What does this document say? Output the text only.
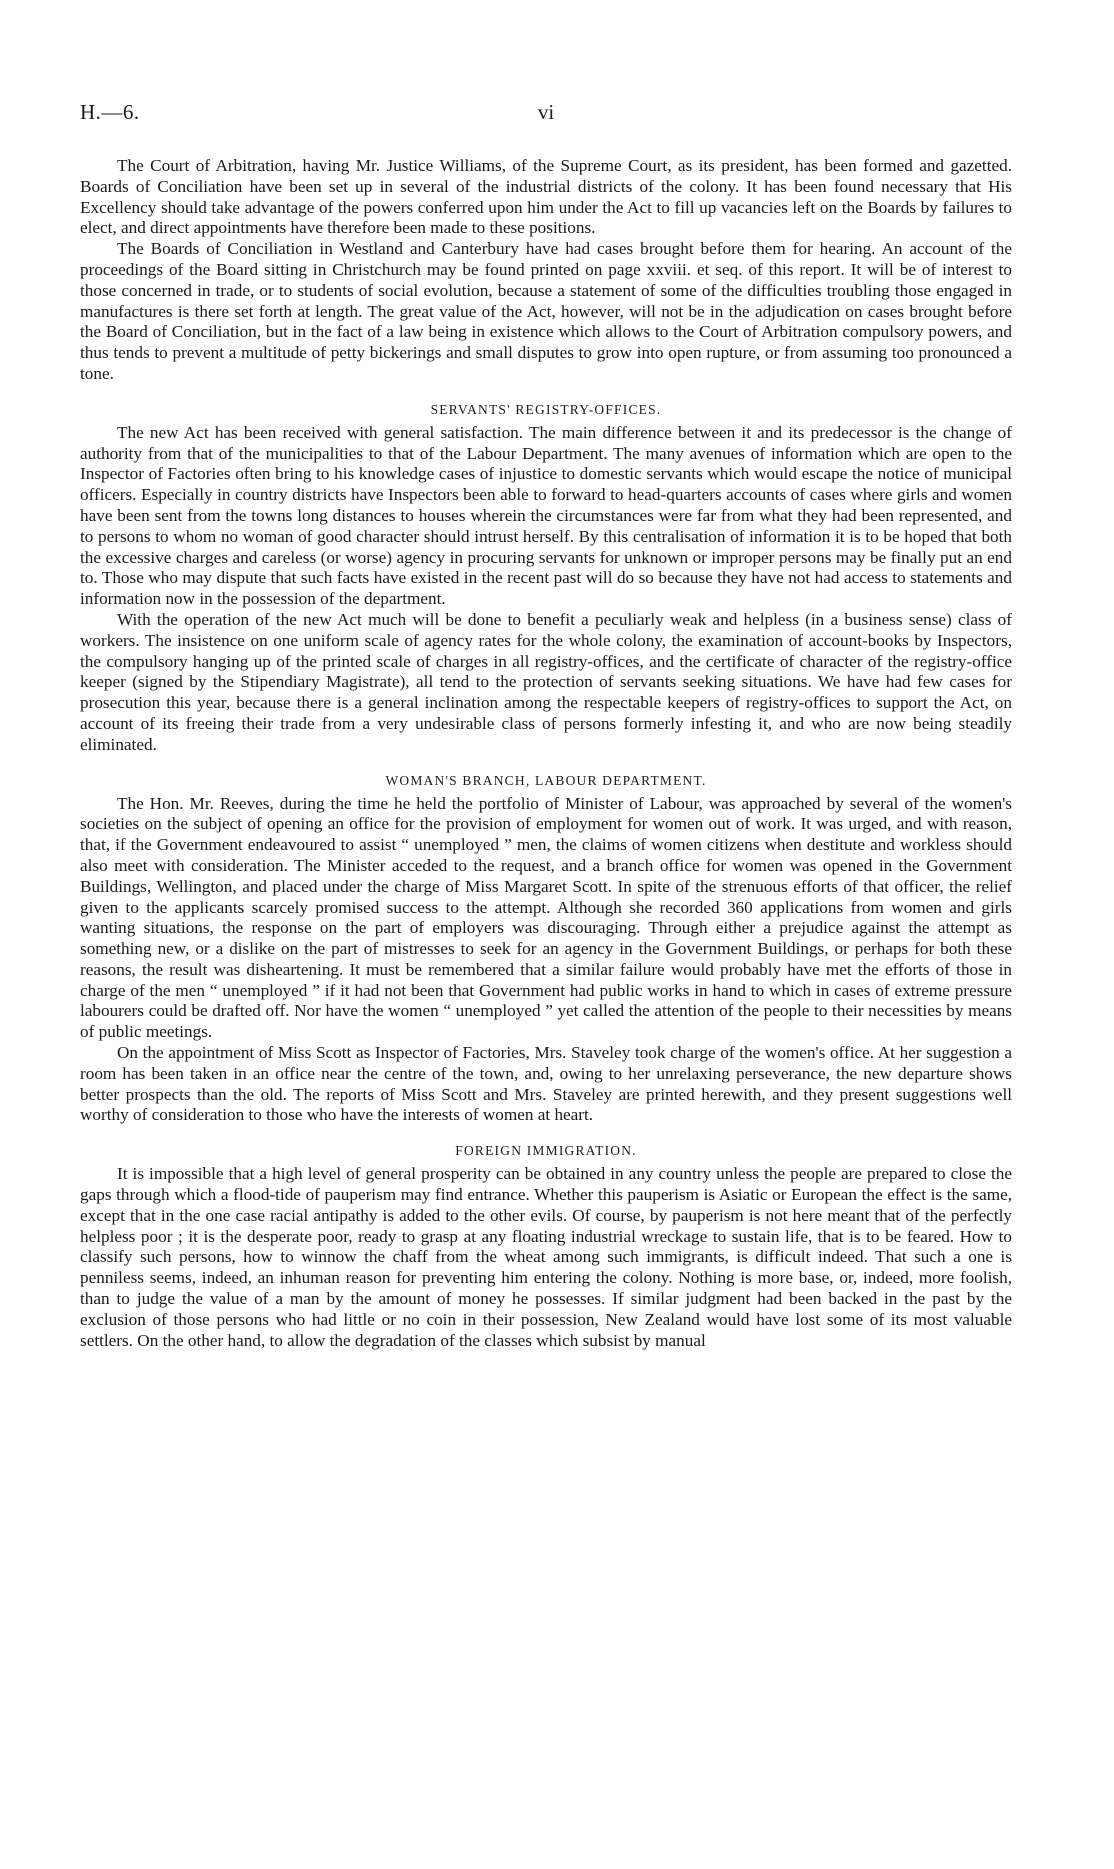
H.—6.	vi

The Court of Arbitration, having Mr. Justice Williams, of the Supreme Court, as its president, has been formed and gazetted. Boards of Conciliation have been set up in several of the industrial districts of the colony. It has been found necessary that His Excellency should take advantage of the powers conferred upon him under the Act to fill up vacancies left on the Boards by failures to elect, and direct appointments have therefore been made to these positions.

The Boards of Conciliation in Westland and Canterbury have had cases brought before them for hearing. An account of the proceedings of the Board sitting in Christchurch may be found printed on page xxviii. et seq. of this report. It will be of interest to those concerned in trade, or to students of social evolution, because a statement of some of the difficulties troubling those engaged in manufactures is there set forth at length. The great value of the Act, however, will not be in the adjudication on cases brought before the Board of Conciliation, but in the fact of a law being in existence which allows to the Court of Arbitration compulsory powers, and thus tends to prevent a multitude of petty bickerings and small disputes to grow into open rupture, or from assuming too pronounced a tone.

SERVANTS' REGISTRY-OFFICES.

The new Act has been received with general satisfaction. The main difference between it and its predecessor is the change of authority from that of the municipalities to that of the Labour Department. The many avenues of information which are open to the Inspector of Factories often bring to his knowledge cases of injustice to domestic servants which would escape the notice of municipal officers. Especially in country districts have Inspectors been able to forward to head-quarters accounts of cases where girls and women have been sent from the towns long distances to houses wherein the circumstances were far from what they had been represented, and to persons to whom no woman of good character should intrust herself. By this centralisation of information it is to be hoped that both the excessive charges and careless (or worse) agency in procuring servants for unknown or improper persons may be finally put an end to. Those who may dispute that such facts have existed in the recent past will do so because they have not had access to statements and information now in the possession of the department.

With the operation of the new Act much will be done to benefit a peculiarly weak and helpless (in a business sense) class of workers. The insistence on one uniform scale of agency rates for the whole colony, the examination of account-books by Inspectors, the compulsory hanging up of the printed scale of charges in all registry-offices, and the certificate of character of the registry-office keeper (signed by the Stipendiary Magistrate), all tend to the protection of servants seeking situations. We have had few cases for prosecution this year, because there is a general inclination among the respectable keepers of registry-offices to support the Act, on account of its freeing their trade from a very undesirable class of persons formerly infesting it, and who are now being steadily eliminated.

WOMAN'S BRANCH, LABOUR DEPARTMENT.

The Hon. Mr. Reeves, during the time he held the portfolio of Minister of Labour, was approached by several of the women's societies on the subject of opening an office for the provision of employment for women out of work. It was urged, and with reason, that, if the Government endeavoured to assist “ unemployed ” men, the claims of women citizens when destitute and workless should also meet with consideration. The Minister acceded to the request, and a branch office for women was opened in the Government Buildings, Wellington, and placed under the charge of Miss Margaret Scott. In spite of the strenuous efforts of that officer, the relief given to the applicants scarcely promised success to the attempt. Although she recorded 360 applications from women and girls wanting situations, the response on the part of employers was discouraging. Through either a prejudice against the attempt as something new, or a dislike on the part of mistresses to seek for an agency in the Government Buildings, or perhaps for both these reasons, the result was disheartening. It must be remembered that a similar failure would probably have met the efforts of those in charge of the men “ unemployed ” if it had not been that Government had public works in hand to which in cases of extreme pressure labourers could be drafted off. Nor have the women “ unemployed ” yet called the attention of the people to their necessities by means of public meetings.

On the appointment of Miss Scott as Inspector of Factories, Mrs. Staveley took charge of the women's office. At her suggestion a room has been taken in an office near the centre of the town, and, owing to her unrelaxing perseverance, the new departure shows better prospects than the old. The reports of Miss Scott and Mrs. Staveley are printed herewith, and they present suggestions well worthy of consideration to those who have the interests of women at heart.

FOREIGN IMMIGRATION.

It is impossible that a high level of general prosperity can be obtained in any country unless the people are prepared to close the gaps through which a flood-tide of pauperism may find entrance. Whether this pauperism is Asiatic or European the effect is the same, except that in the one case racial antipathy is added to the other evils. Of course, by pauperism is not here meant that of the perfectly helpless poor ; it is the desperate poor, ready to grasp at any floating industrial wreckage to sustain life, that is to be feared. How to classify such persons, how to winnow the chaff from the wheat among such immigrants, is difficult indeed. That such a one is penniless seems, indeed, an inhuman reason for preventing him entering the colony. Nothing is more base, or, indeed, more foolish, than to judge the value of a man by the amount of money he possesses. If similar judgment had been backed in the past by the exclusion of those persons who had little or no coin in their possession, New Zealand would have lost some of its most valuable settlers. On the other hand, to allow the degradation of the classes which subsist by manual
